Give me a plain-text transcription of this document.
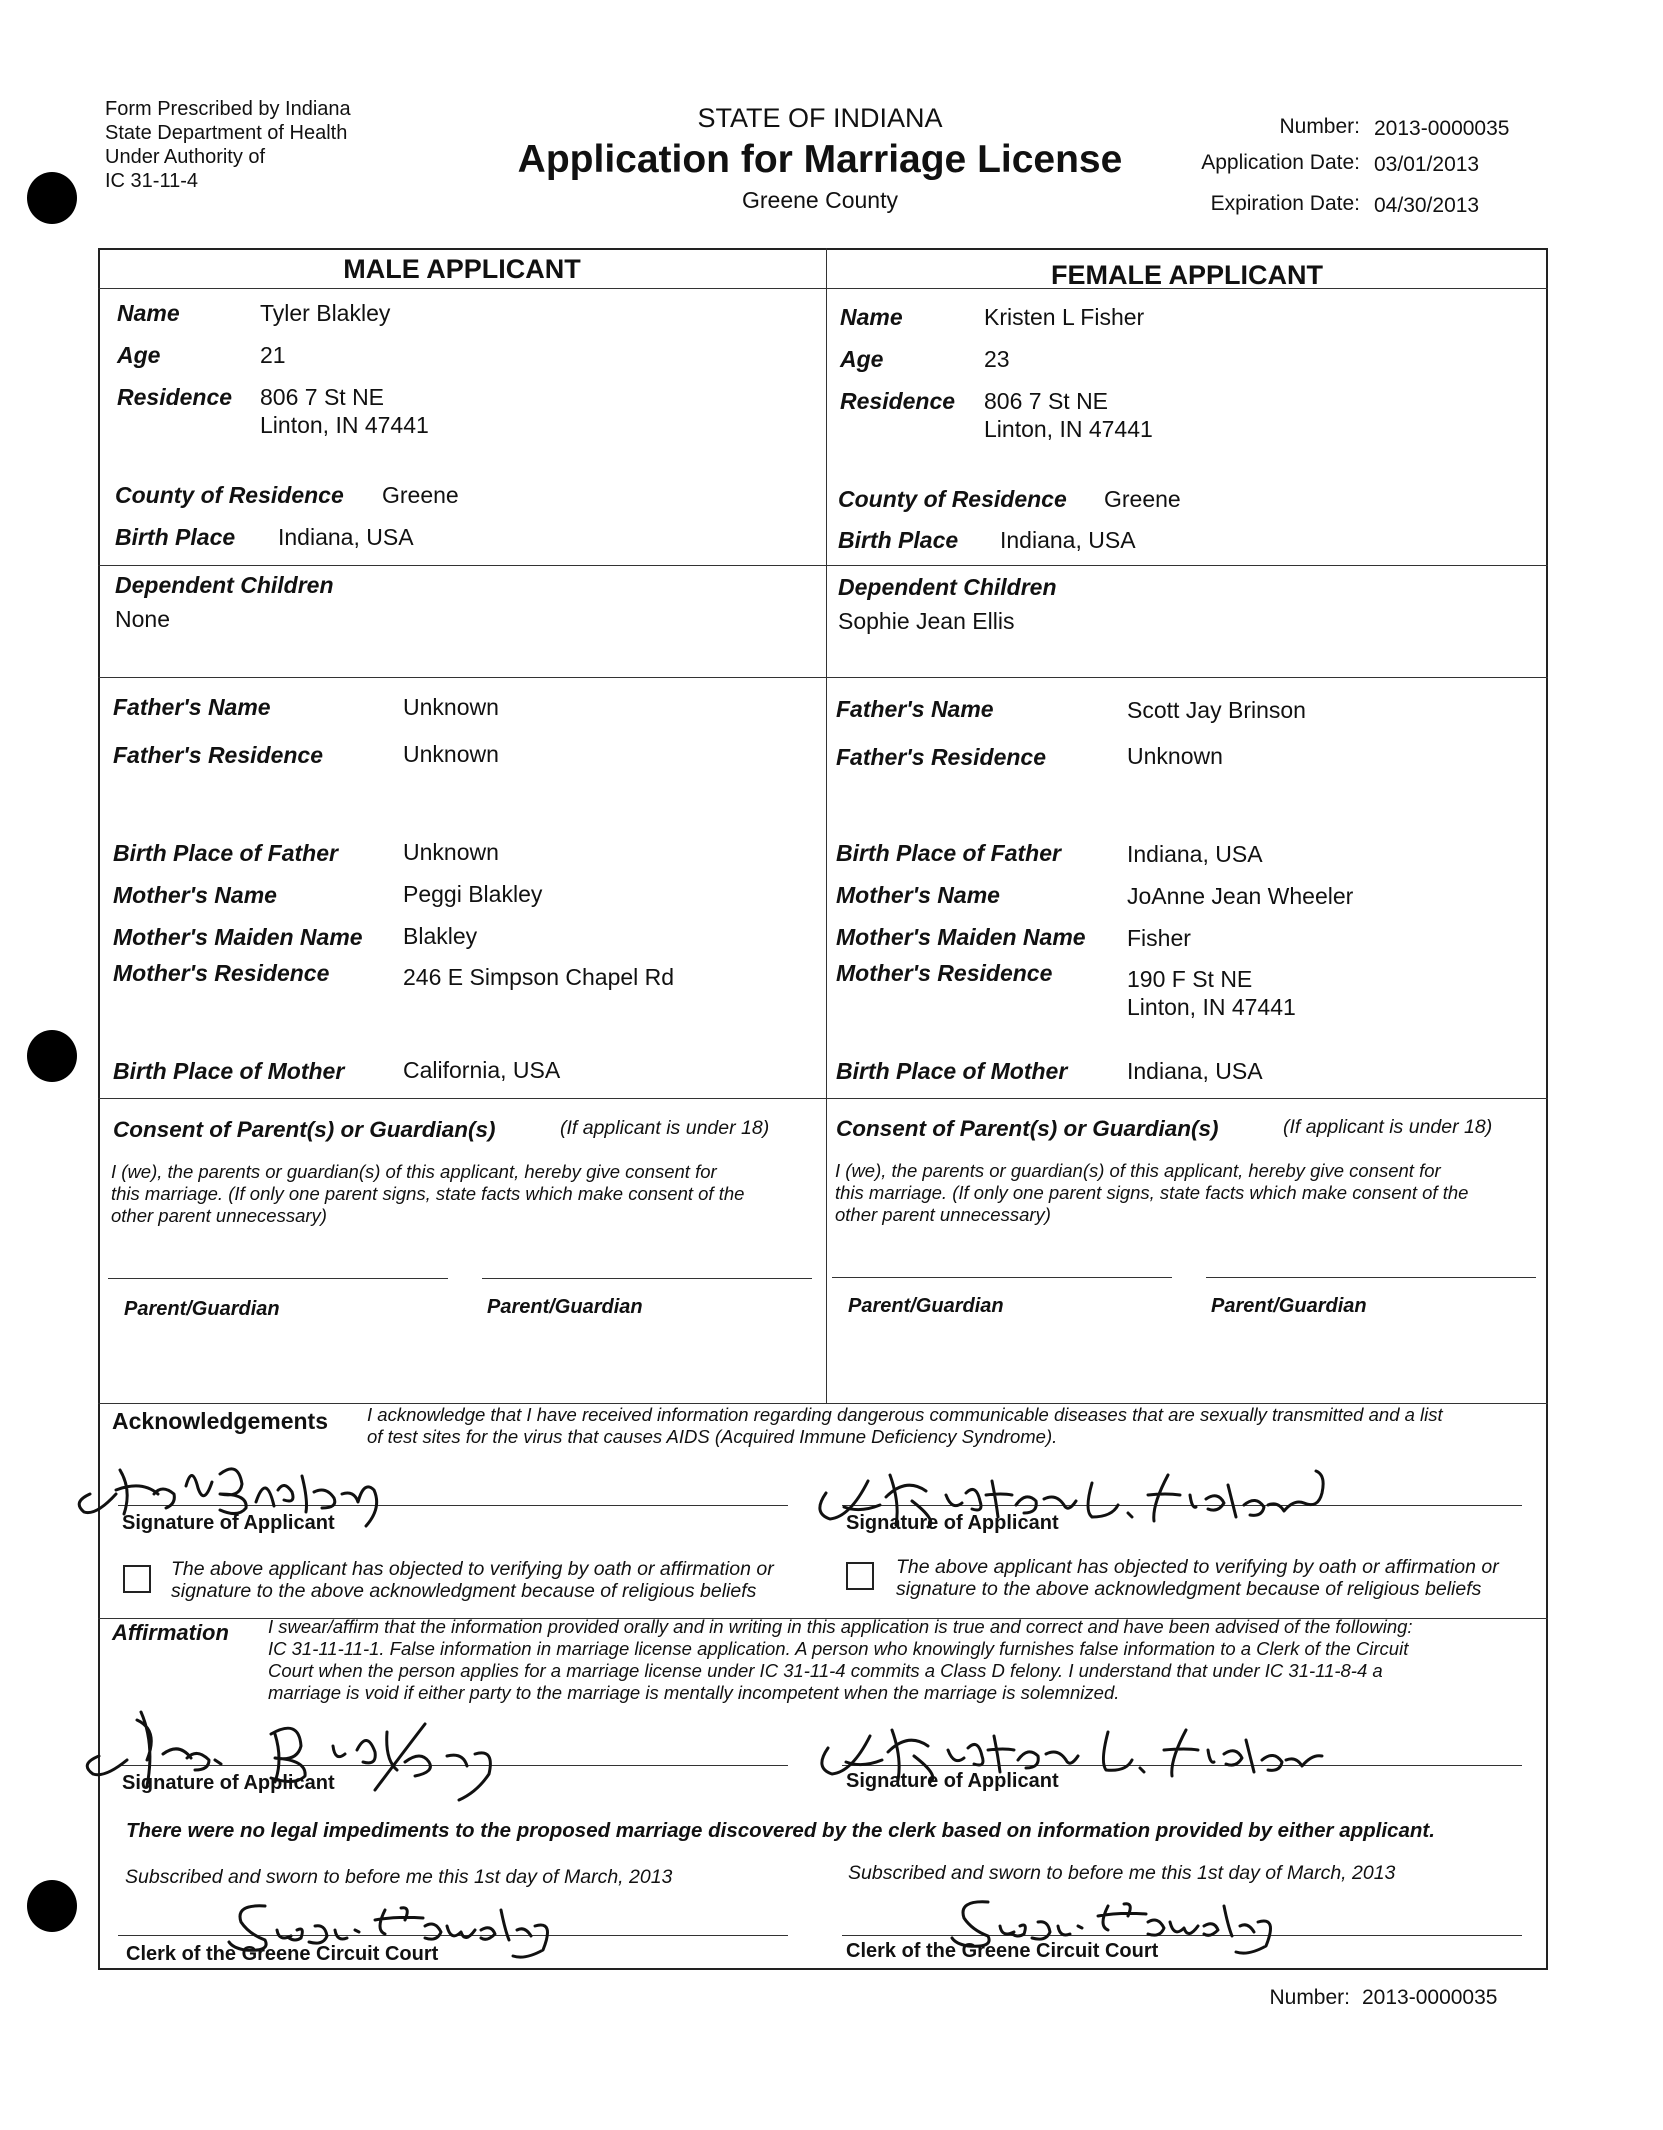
Form Prescribed by Indiana
State Department of Health
Under Authority of
IC 31-11-4
STATE OF INDIANA
Application for Marriage License
Greene County
Number: 2013-0000035
Application Date: 03/01/2013
Expiration Date: 04/30/2013
MALE APPLICANT	FEMALE APPLICANT
Name	Tyler Blakley
Age	21
Residence 806 7 St NE
Linton, IN 47441
County of Residence Greene
Birth Place Indiana, USA
Dependent Children
None
Father's Name	Unknown
Father's Residence	Unknown
Birth Place of Father	Unknown
Mother's Name	Peggi Blakley
Mother's Maiden Name Blakley
Mother's Residence	246 E Simpson Chapel Rd
Birth Place of Mother	California, USA
Name	Kristen L Fisher
Age	23
Residence 806 7 St NE
Linton, IN 47441
County of Residence Greene
Birth Place Indiana, USA
Dependent Children
Sophie Jean Ellis
Father's Name	Scott Jay Brinson
Father's Residence	Unknown
Birth Place of Father	Indiana, USA
Mother's Name	JoAnne Jean Wheeler
Mother's Maiden Name Fisher
Mother's Residence	190 F St NE
Linton, IN 47441
Birth Place of Mother	Indiana, USA
Consent of Parent(s) or Guardian(s)	(If applicant is under 18)
I (we), the parents or guardian(s) of this applicant, hereby give consent for
this marriage. (If only one parent signs, state facts which make consent of the
other parent unnecessary)
Parent/Guardian	Parent/Guardian
Consent of Parent(s) or Guardian(s)	(If applicant is under 18)
I (we), the parents or guardian(s) of this applicant, hereby give consent for
this marriage. (If only one parent signs, state facts which make consent of the
other parent unnecessary)
Parent/Guardian	Parent/Guardian
Acknowledgements I acknowledge that I have received information regarding dangerous communicable diseases that are sexually transmitted and a list
of test sites for the virus that causes AIDS (Acquired Immune Deficiency Syndrome).
Signature of Applicant	Signature of Applicant
The above applicant has objected to verifying by oath or affirmation or
signature to the above acknowledgment because of religious beliefs
The above applicant has objected to verifying by oath or affirmation or
signature to the above acknowledgment because of religious beliefs
Affirmation I swear/affirm that the information provided orally and in writing in this application is true and correct and have been advised of the following:
IC 31-11-11-1. False information in marriage license application. A person who knowingly furnishes false information to a Clerk of the Circuit
Court when the person applies for a marriage license under IC 31-11-4 commits a Class D felony. I understand that under IC 31-11-8-4 a
marriage is void if either party to the marriage is mentally incompetent when the marriage is solemnized.
Signature of Applicant	Signature of Applicant
There were no legal impediments to the proposed marriage discovered by the clerk based on information provided by either applicant.
Subscribed and sworn to before me this 1st day of March, 2013	Subscribed and sworn to before me this 1st day of March, 2013
Clerk of the Greene Circuit Court	Clerk of the Greene Circuit Court
Number: 2013-0000035
